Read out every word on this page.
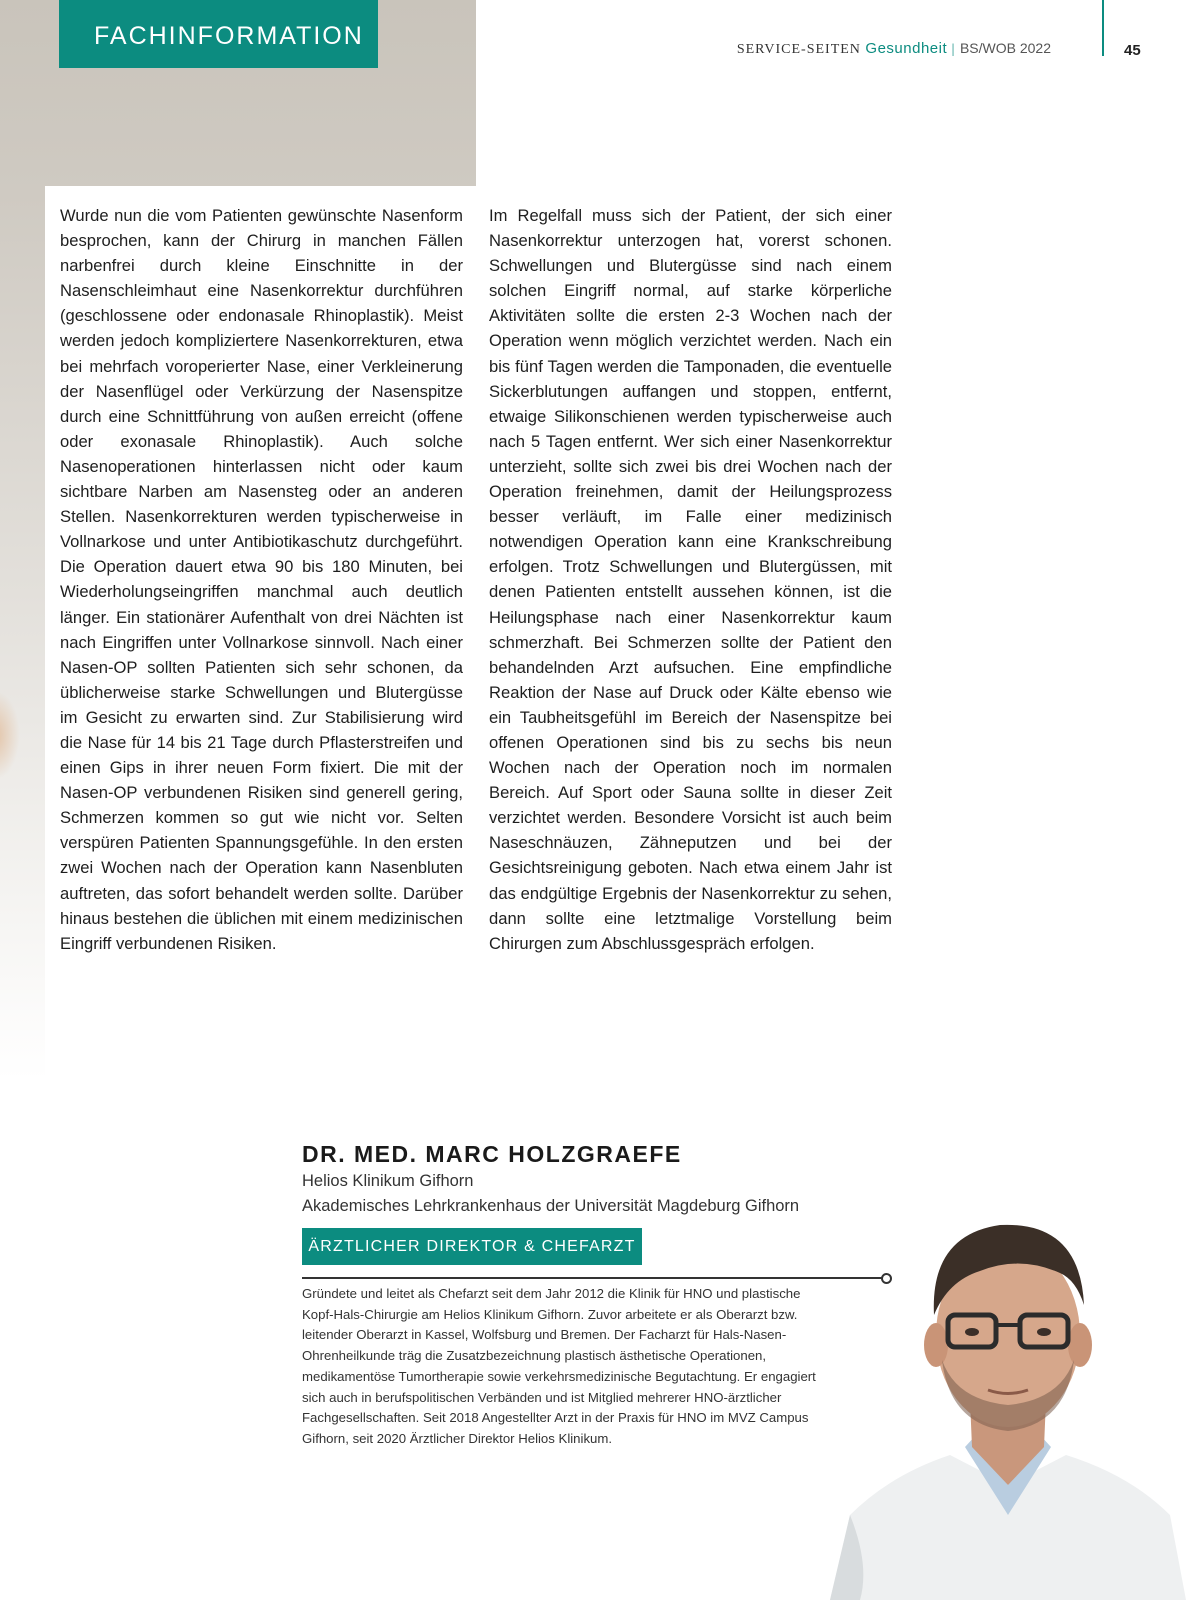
FACHINFORMATION	SERVICE-SEITEN Gesundheit | BS/WOB 2022	45
Wurde nun die vom Patienten gewünschte Nasenform besprochen, kann der Chirurg in manchen Fällen narbenfrei durch kleine Einschnitte in der Nasenschleimhaut eine Nasenkorrektur durchführen (geschlossene oder endonasale Rhinoplastik). Meist werden jedoch kompliziertere Nasenkorrekturen, etwa bei mehrfach voroperierter Nase, einer Verkleinerung der Nasenflügel oder Verkürzung der Nasenspitze durch eine Schnittführung von außen erreicht (offene oder exonasale Rhinoplastik). Auch solche Nasenoperationen hinterlassen nicht oder kaum sichtbare Narben am Nasensteg oder an anderen Stellen. Nasenkorrekturen werden typischerweise in Vollnarkose und unter Antibiotikaschutz durchgeführt. Die Operation dauert etwa 90 bis 180 Minuten, bei Wiederholungseingriffen manchmal auch deutlich länger. Ein stationärer Aufenthalt von drei Nächten ist nach Eingriffen unter Vollnarkose sinnvoll. Nach einer Nasen-OP sollten Patienten sich sehr schonen, da üblicherweise starke Schwellungen und Blutergüsse im Gesicht zu erwarten sind. Zur Stabilisierung wird die Nase für 14 bis 21 Tage durch Pflasterstreifen und einen Gips in ihrer neuen Form fixiert. Die mit der Nasen-OP verbundenen Risiken sind generell gering, Schmerzen kommen so gut wie nicht vor. Selten verspüren Patienten Spannungsgefühle. In den ersten zwei Wochen nach der Operation kann Nasenbluten auftreten, das sofort behandelt werden sollte. Darüber hinaus bestehen die üblichen mit einem medizinischen Eingriff verbundenen Risiken.
Im Regelfall muss sich der Patient, der sich einer Nasenkorrektur unterzogen hat, vorerst schonen. Schwellungen und Blutergüsse sind nach einem solchen Eingriff normal, auf starke körperliche Aktivitäten sollte die ersten 2-3 Wochen nach der Operation wenn möglich verzichtet werden. Nach ein bis fünf Tagen werden die Tamponaden, die eventuelle Sickerblutungen auffangen und stoppen, entfernt, etwaige Silikonschienen werden typischerweise auch nach 5 Tagen entfernt. Wer sich einer Nasenkorrektur unterzieht, sollte sich zwei bis drei Wochen nach der Operation freinehmen, damit der Heilungsprozess besser verläuft, im Falle einer medizinisch notwendigen Operation kann eine Krankschreibung erfolgen. Trotz Schwellungen und Blutergüssen, mit denen Patienten entstellt aussehen können, ist die Heilungsphase nach einer Nasenkorrektur kaum schmerzhaft. Bei Schmerzen sollte der Patient den behandelnden Arzt aufsuchen. Eine empfindliche Reaktion der Nase auf Druck oder Kälte ebenso wie ein Taubheitsgefühl im Bereich der Nasenspitze bei offenen Operationen sind bis zu sechs bis neun Wochen nach der Operation noch im normalen Bereich. Auf Sport oder Sauna sollte in dieser Zeit verzichtet werden. Besondere Vorsicht ist auch beim Naseschnäuzen, Zähneputzen und bei der Gesichtsreinigung geboten. Nach etwa einem Jahr ist das endgültige Ergebnis der Nasenkorrektur zu sehen, dann sollte eine letztmalige Vorstellung beim Chirurgen zum Abschlussgespräch erfolgen.
DR. MED. MARC HOLZGRAEFE
Helios Klinikum Gifhorn
Akademisches Lehrkrankenhaus der Universität Magdeburg Gifhorn
ÄRZTLICHER DIREKTOR & CHEFARZT
Gründete und leitet als Chefarzt seit dem Jahr 2012 die Klinik für HNO und plastische Kopf-Hals-Chirurgie am Helios Klinikum Gifhorn. Zuvor arbeitete er als Oberarzt bzw. leitender Oberarzt in Kassel, Wolfsburg und Bremen. Der Facharzt für Hals-Nasen-Ohrenheilkunde träg die Zusatzbezeichnung plastisch ästhetische Operationen, medikamentöse Tumortherapie sowie verkehrsmedizinische Begutachtung. Er engagiert sich auch in berufspolitischen Verbänden und ist Mitglied mehrerer HNO-ärztlicher Fachgesellschaften. Seit 2018 Angestellter Arzt in der Praxis für HNO im MVZ Campus Gifhorn, seit 2020 Ärztlicher Direktor Helios Klinikum.
